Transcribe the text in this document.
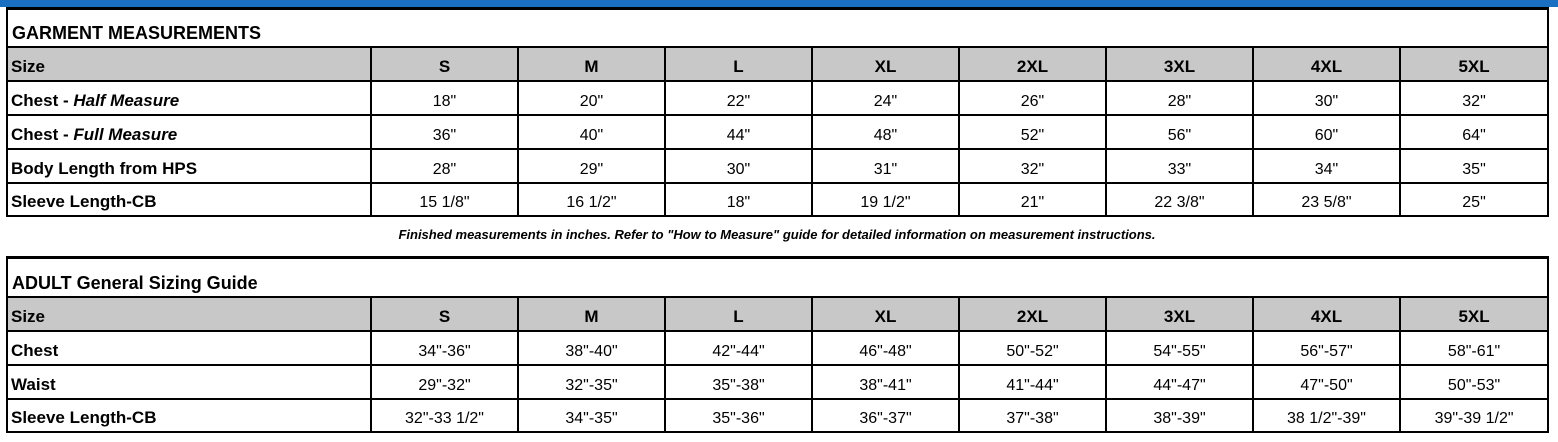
GARMENT MEASUREMENTS								
Size	S	M	L	XL	2XL	3XL	4XL	5XL
Chest - Half Measure	18"	20"	22"	24"	26"	28"	30"	32"
Chest - Full Measure	36"	40"	44"	48"	52"	56"	60"	64"
Body Length from HPS	28"	29"	30"	31"	32"	33"	34"	35"
Sleeve Length-CB	15 1/8"	16 1/2"	18"	19 1/2"	21"	22 3/8"	23 5/8"	25"
Finished measurements in inches. Refer to "How to Measure" guide for detailed information on measurement instructions.
ADULT General Sizing Guide								
Size	S	M	L	XL	2XL	3XL	4XL	5XL
Chest	34"-36"	38"-40"	42"-44"	46"-48"	50"-52"	54"-55"	56"-57"	58"-61"
Waist	29"-32"	32"-35"	35"-38"	38"-41"	41"-44"	44"-47"	47"-50"	50"-53"
Sleeve Length-CB	32"-33 1/2"	34"-35"	35"-36"	36"-37"	37"-38"	38"-39"	38 1/2"-39"	39"-39 1/2"
